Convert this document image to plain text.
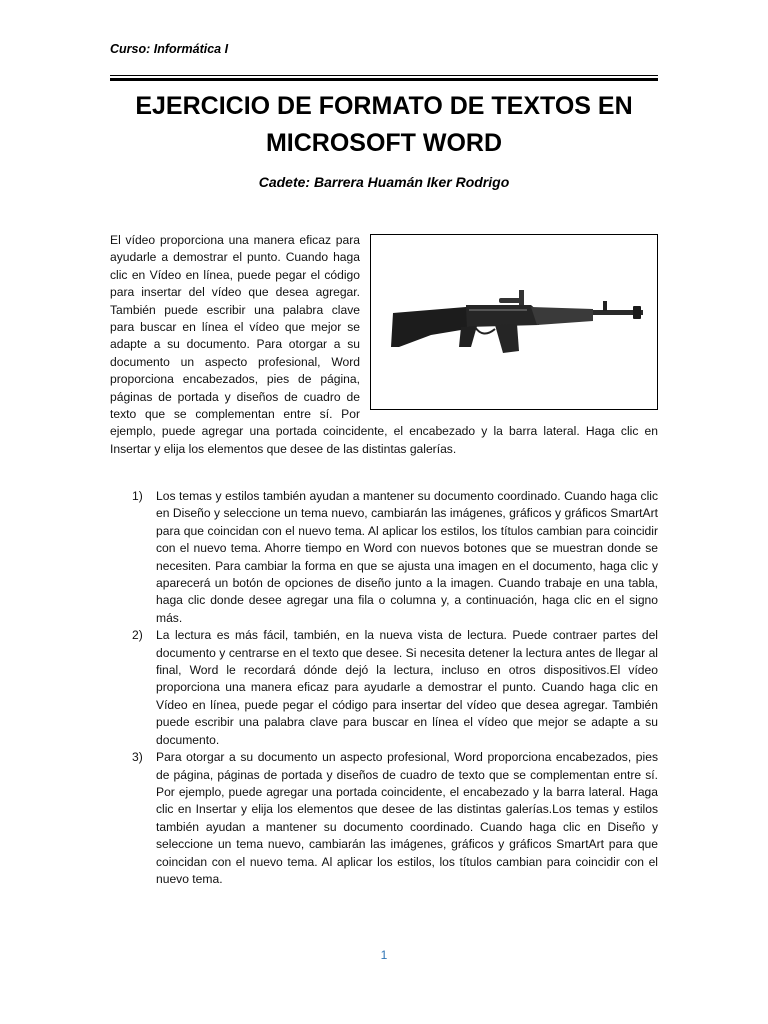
Curso: Informática I
EJERCICIO DE FORMATO DE TEXTOS EN
MICROSOFT WORD
Cadete: Barrera Huamán Iker Rodrigo
El vídeo proporciona una manera eficaz para ayudarle a demostrar el punto. Cuando haga clic en Vídeo en línea, puede pegar el código para insertar del vídeo que desea agregar. También puede escribir una palabra clave para buscar en línea el vídeo que mejor se adapte a su documento. Para otorgar a su documento un aspecto profesional, Word proporciona encabezados, pies de página, páginas de portada y diseños de cuadro de texto que se complementan entre sí. Por ejemplo, puede agregar una portada coincidente, el encabezado y la barra lateral. Haga clic en Insertar y elija los elementos que desee de las distintas galerías.
1) Los temas y estilos también ayudan a mantener su documento coordinado. Cuando haga clic en Diseño y seleccione un tema nuevo, cambiarán las imágenes, gráficos y gráficos SmartArt para que coincidan con el nuevo tema. Al aplicar los estilos, los títulos cambian para coincidir con el nuevo tema. Ahorre tiempo en Word con nuevos botones que se muestran donde se necesiten. Para cambiar la forma en que se ajusta una imagen en el documento, haga clic y aparecerá un botón de opciones de diseño junto a la imagen. Cuando trabaje en una tabla, haga clic donde desee agregar una fila o columna y, a continuación, haga clic en el signo más.
2) La lectura es más fácil, también, en la nueva vista de lectura. Puede contraer partes del documento y centrarse en el texto que desee. Si necesita detener la lectura antes de llegar al final, Word le recordará dónde dejó la lectura, incluso en otros dispositivos.El vídeo proporciona una manera eficaz para ayudarle a demostrar el punto. Cuando haga clic en Vídeo en línea, puede pegar el código para insertar del vídeo que desea agregar. También puede escribir una palabra clave para buscar en línea el vídeo que mejor se adapte a su documento.
3) Para otorgar a su documento un aspecto profesional, Word proporciona encabezados, pies de página, páginas de portada y diseños de cuadro de texto que se complementan entre sí. Por ejemplo, puede agregar una portada coincidente, el encabezado y la barra lateral. Haga clic en Insertar y elija los elementos que desee de las distintas galerías.Los temas y estilos también ayudan a mantener su documento coordinado. Cuando haga clic en Diseño y seleccione un tema nuevo, cambiarán las imágenes, gráficos y gráficos SmartArt para que coincidan con el nuevo tema. Al aplicar los estilos, los títulos cambian para coincidir con el nuevo tema.
1
